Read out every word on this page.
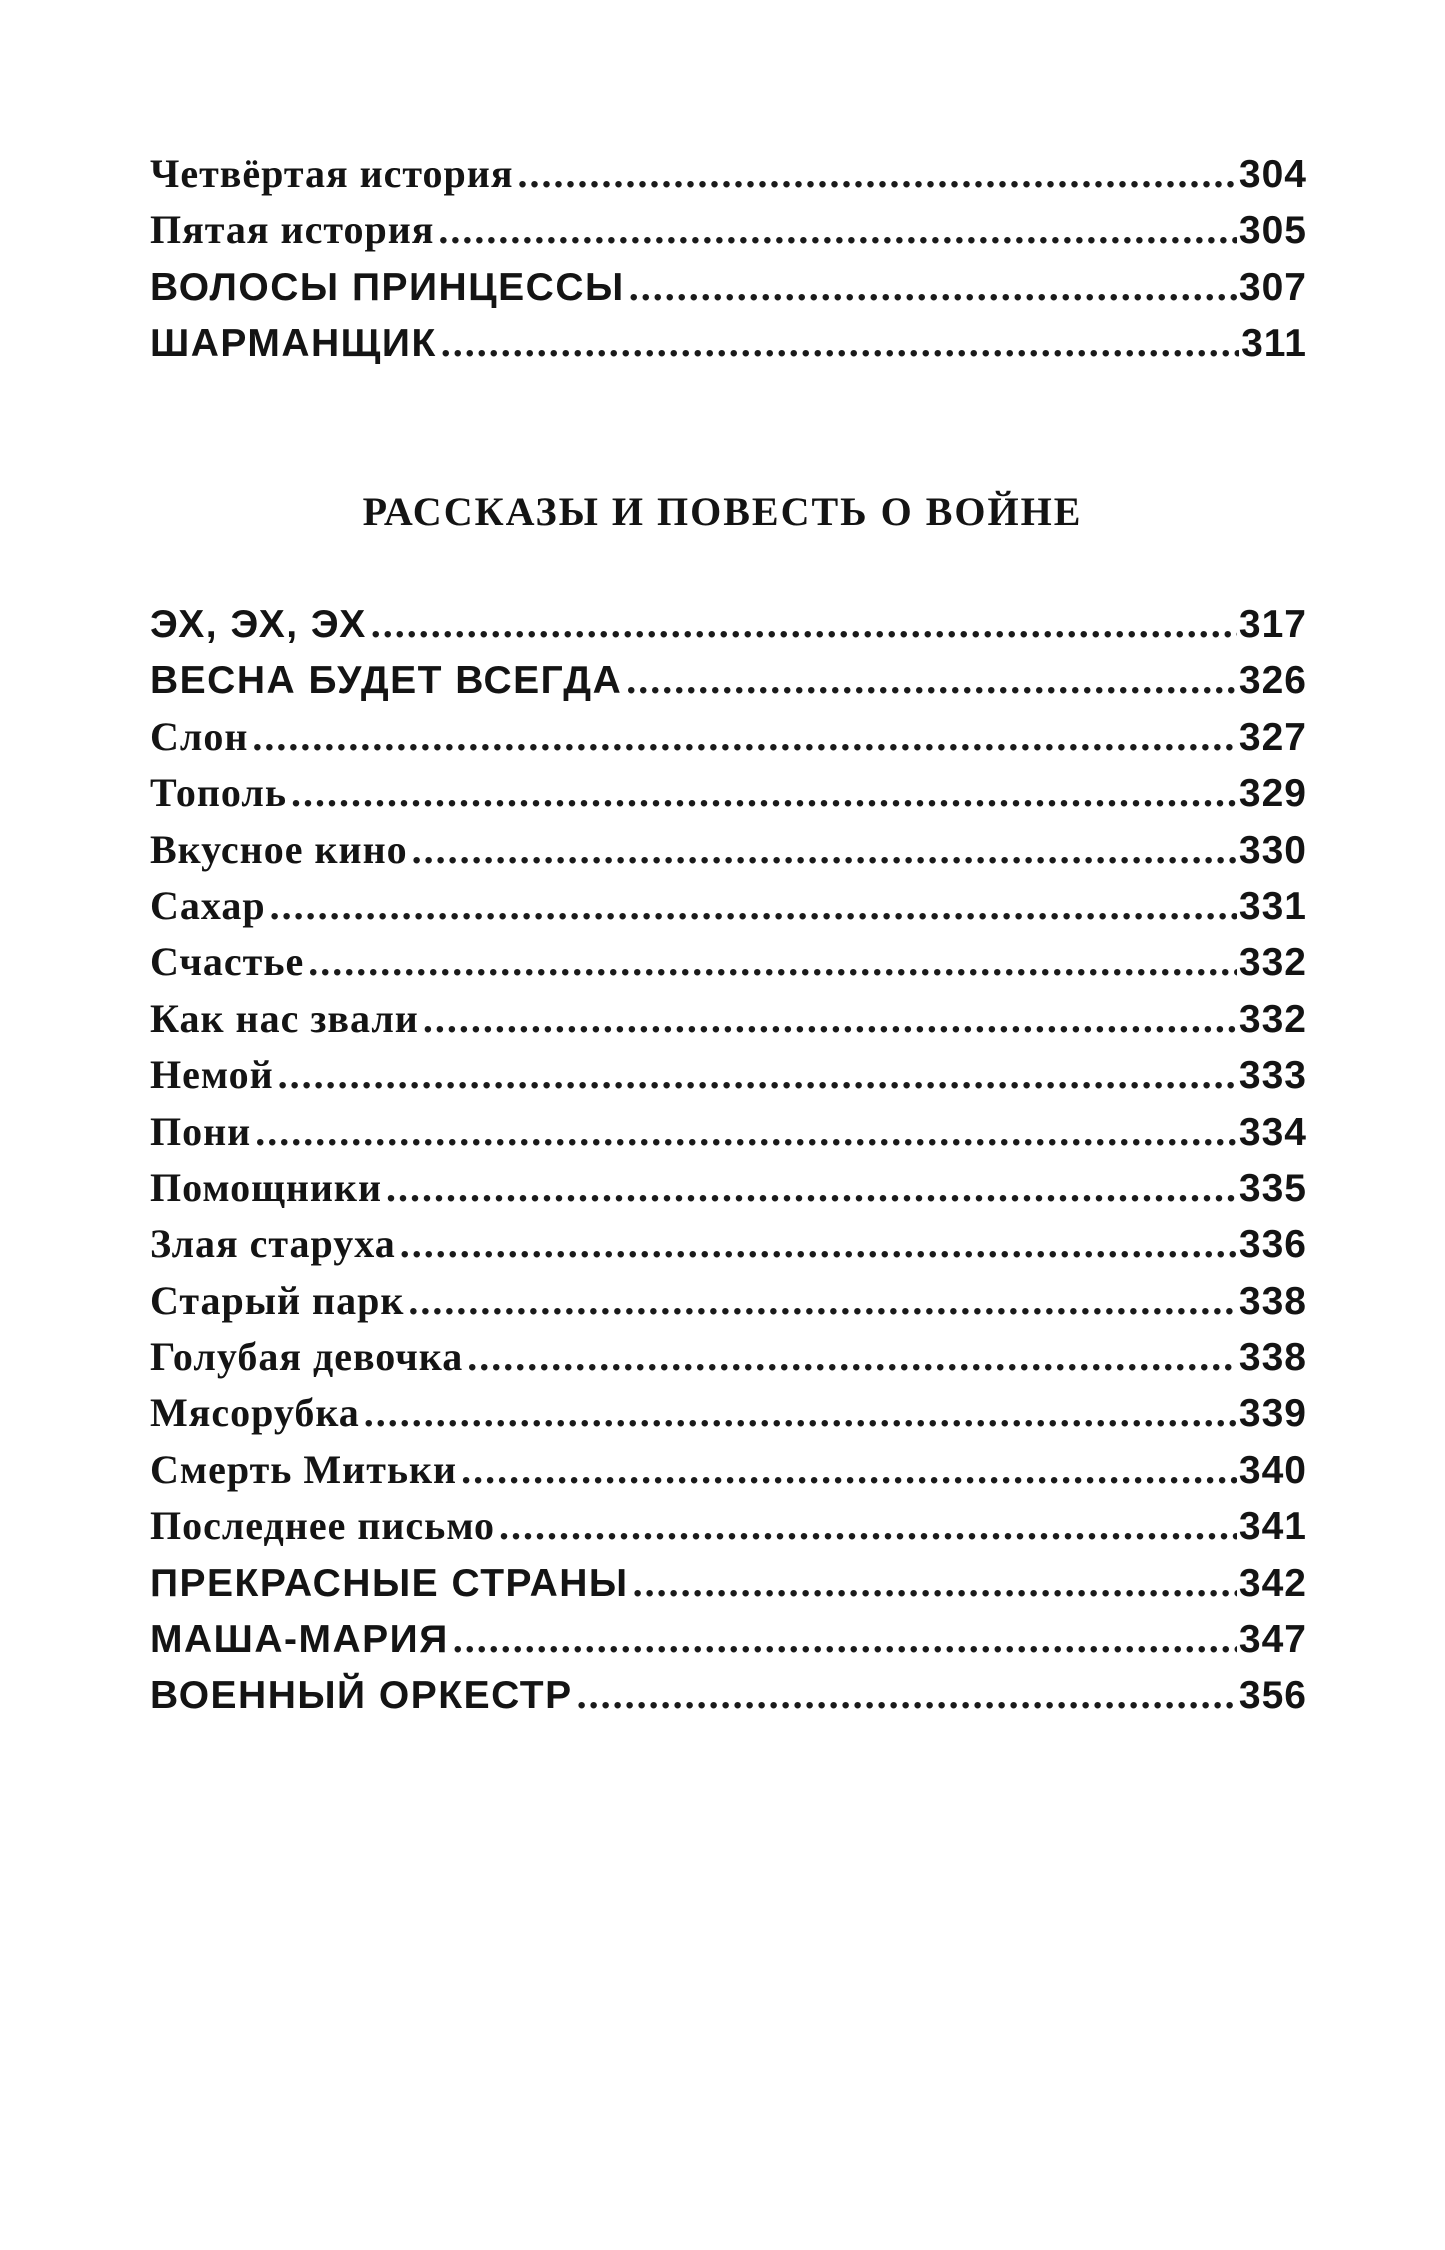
Четвёртая история .....	304
Пятая история .....	305
ВОЛОСЫ ПРИНЦЕССЫ .....	307
ШАРМАНЩИК .....	311
РАССКАЗЫ И ПОВЕСТЬ О ВОЙНЕ
ЭХ, ЭХ, ЭХ .....	317
ВЕСНА БУДЕТ ВСЕГДА .....	326
Слон .....	327
Тополь .....	329
Вкусное кино .....	330
Сахар .....	331
Счастье .....	332
Как нас звали .....	332
Немой .....	333
Пони .....	334
Помощники .....	335
Злая старуха .....	336
Старый парк .....	338
Голубая девочка .....	338
Мясорубка .....	339
Смерть Митьки .....	340
Последнее письмо .....	341
ПРЕКРАСНЫЕ СТРАНЫ .....	342
МАША-МАРИЯ .....	347
ВОЕННЫЙ ОРКЕСТР .....	356
